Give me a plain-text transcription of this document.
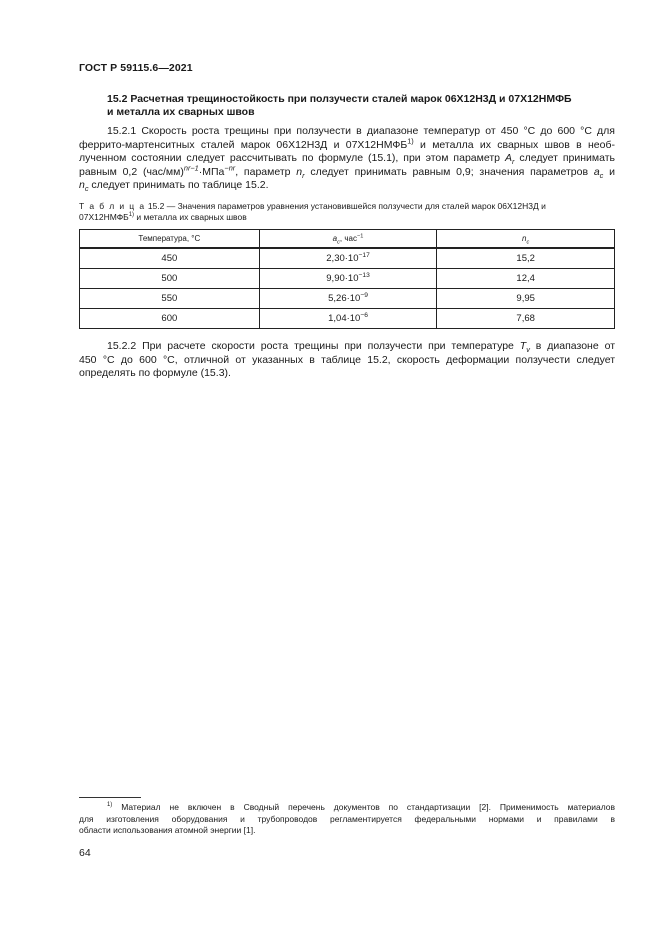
ГОСТ Р 59115.6—2021
15.2 Расчетная трещиностойкость при ползучести сталей марок 06Х12Н3Д и 07Х12НМФБ
и металла их сварных швов
15.2.1 Скорость роста трещины при ползучести в диапазоне температур от 450 °С до 600 °С для
феррито-мартенситных сталей марок 06Х12Н3Д и 07Х12НМФБ$^{1)}$ и металла их сварных швов в необ-
лученном состоянии следует рассчитывать по формуле (15.1), при этом параметр $A_r$ следует принимать
равным 0,2 $(час/мм)^{nr-1}\cdot МПа^{-nr}$, параметр $n_r$ следует принимать равным 0,9; значения параметров $a_c$ и
$n_c$ следует принимать по таблице 15.2.
Т а б л и ц а 15.2 — Значения параметров уравнения установившейся ползучести для сталей марок 06Х12Н3Д и
07Х12НМФБ$^{1)}$ и металла их сварных швов
Температура, °С	$a_c$, час$^{-1}$	$n_c$
450	$2,30\cdot 10^{-17}$	15,2
500	$9,90\cdot 10^{-13}$	12,4
550	$5,26\cdot 10^{-9}$	9,95
600	$1,04\cdot 10^{-6}$	7,68
15.2.2 При расчете скорости роста трещины при ползучести при температуре $T_v$ в диапазоне от
450 °С до 600 °С, отличной от указанных в таблице 15.2, скорость деформации ползучести следует
определять по формуле (15.3).
$^{1)}$ Материал не включен в Сводный перечень документов по стандартизации [2]. Применимость материалов
для изготовления оборудования и трубопроводов регламентируется федеральными нормами и правилами в
области использования атомной энергии [1].
64
